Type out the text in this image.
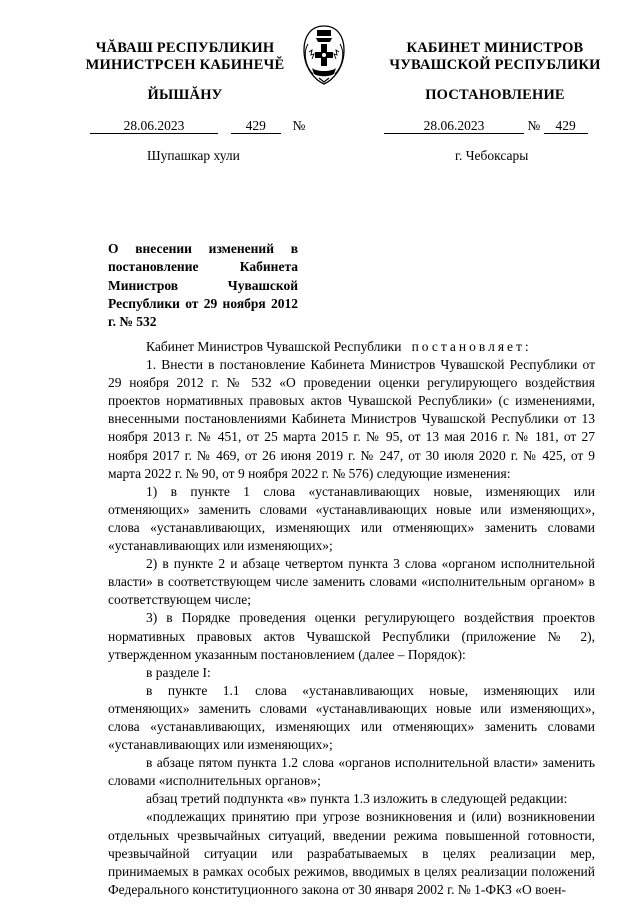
ЧĂВАШ РЕСПУБЛИКИН
МИНИСТРСЕН КАБИНЕЧĔ
ЙЫШĂНУ
КАБИНЕТ МИНИСТРОВ
ЧУВАШСКОЙ РЕСПУБЛИКИ
ПОСТАНОВЛЕНИЕ
28.06.2023	429 №	28.06.2023	№ 429
Шупашкар хули	г. Чебоксары
О внесении изменений в постановление Кабинета Министров Чувашской Республики от 29 ноября 2012 г. № 532

Кабинет Министров Чувашской Республики постановляет:

1. Внести в постановление Кабинета Министров Чувашской Республики от 29 ноября 2012 г. № 532 «О проведении оценки регулирующего воздействия проектов нормативных правовых актов Чувашской Республики» (с изменениями, внесенными постановлениями Кабинета Министров Чувашской Республики от 13 ноября 2013 г. № 451, от 25 марта 2015 г. № 95, от 13 мая 2016 г. № 181, от 27 ноября 2017 г. № 469, от 26 июня 2019 г. № 247, от 30 июля 2020 г. № 425, от 9 марта 2022 г. № 90, от 9 ноября 2022 г. № 576) следующие изменения:

1) в пункте 1 слова «устанавливающих новые, изменяющих или отменяющих» заменить словами «устанавливающих новые или изменяющих», слова «устанавливающих, изменяющих или отменяющих» заменить словами «устанавливающих или изменяющих»;

2) в пункте 2 и абзаце четвертом пункта 3 слова «органом исполнительной власти» в соответствующем числе заменить словами «исполнительным органом» в соответствующем числе;

3) в Порядке проведения оценки регулирующего воздействия проектов нормативных правовых актов Чувашской Республики (приложение № 2), утвержденном указанным постановлением (далее – Порядок):

в разделе I:

в пункте 1.1 слова «устанавливающих новые, изменяющих или отменяющих» заменить словами «устанавливающих новые или изменяющих», слова «устанавливающих, изменяющих или отменяющих» заменить словами «устанавливающих или изменяющих»;

в абзаце пятом пункта 1.2 слова «органов исполнительной власти» заменить словами «исполнительных органов»;

абзац третий подпункта «в» пункта 1.3 изложить в следующей редакции:

«подлежащих принятию при угрозе возникновения и (или) возникновении отдельных чрезвычайных ситуаций, введении режима повышенной готовности, чрезвычайной ситуации или разрабатываемых в целях реализации мер, принимаемых в рамках особых режимов, вводимых в целях реализации положений Федерального конституционного закона от 30 января 2002 г. № 1-ФКЗ «О воен-
